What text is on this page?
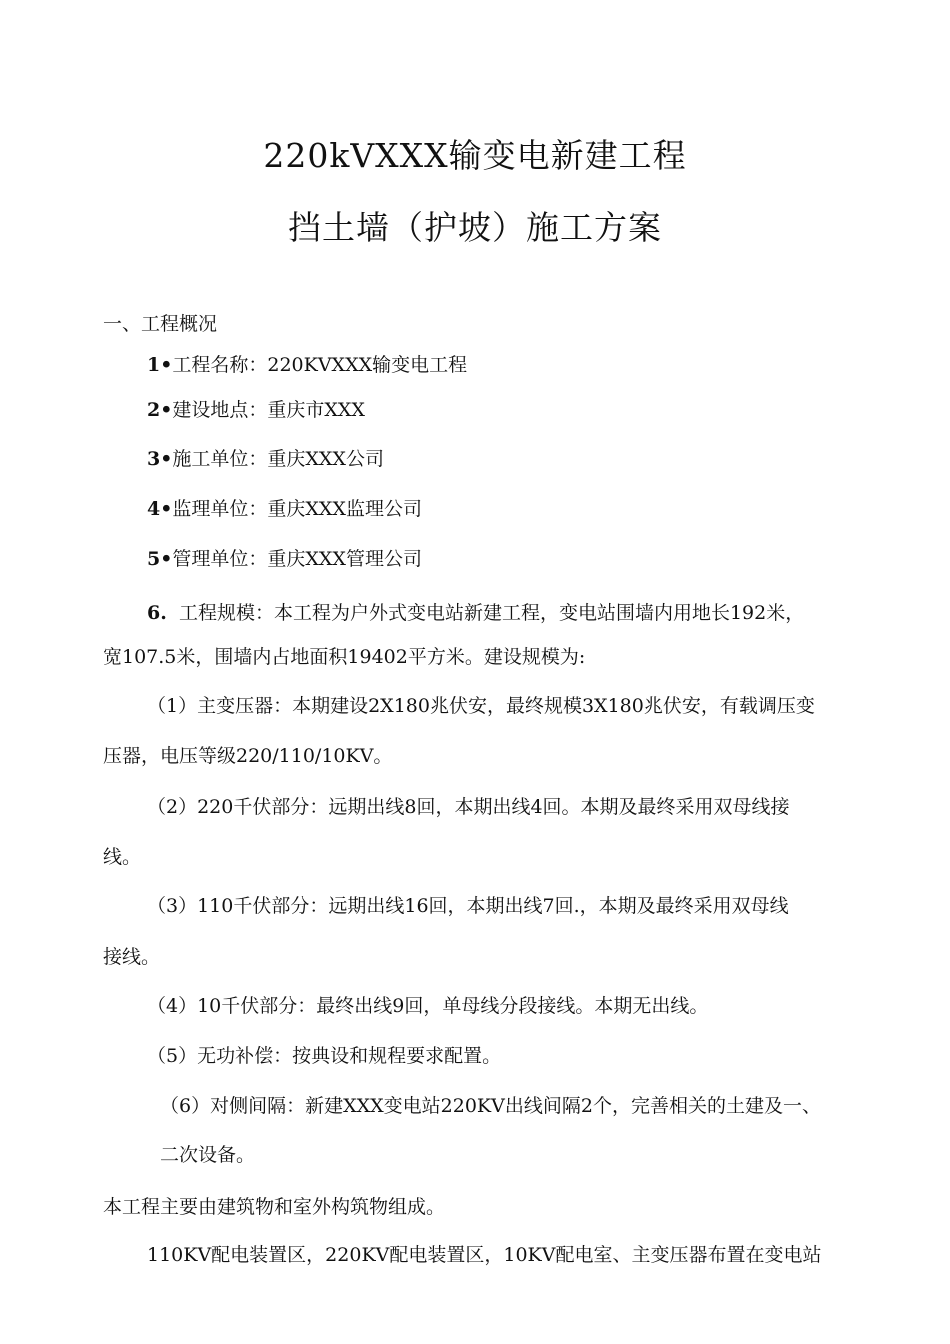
220kVXXX输变电新建工程
挡土墙（护坡）施工方案
一、工程概况
1•工程名称：220KVXXX输变电工程
2•建设地点：重庆市XXX
3•施工单位：重庆XXX公司
4•监理单位：重庆XXX监理公司
5•管理单位：重庆XXX管理公司
6. 工程规模：本工程为户外式变电站新建工程，变电站围墙内用地长192米，
宽107.5米，围墙内占地面积19402平方米。建设规模为:
（1）主变压器：本期建设2X180兆伏安，最终规模3X180兆伏安，有载调压变
压器，电压等级220/110/10KV。
（2）220千伏部分：远期出线8回，本期出线4回。本期及最终采用双母线接
线。
（3）110千伏部分：远期出线16回，本期出线7回.，本期及最终采用双母线
接线。
（4）10千伏部分：最终出线9回，单母线分段接线。本期无出线。
（5）无功补偿：按典设和规程要求配置。
（6）对侧间隔：新建XXX变电站220KV出线间隔2个，完善相关的土建及一、
二次设备。
本工程主要由建筑物和室外构筑物组成。
110KV配电装置区，220KV配电装置区，10KV配电室、主变压器布置在变电站
